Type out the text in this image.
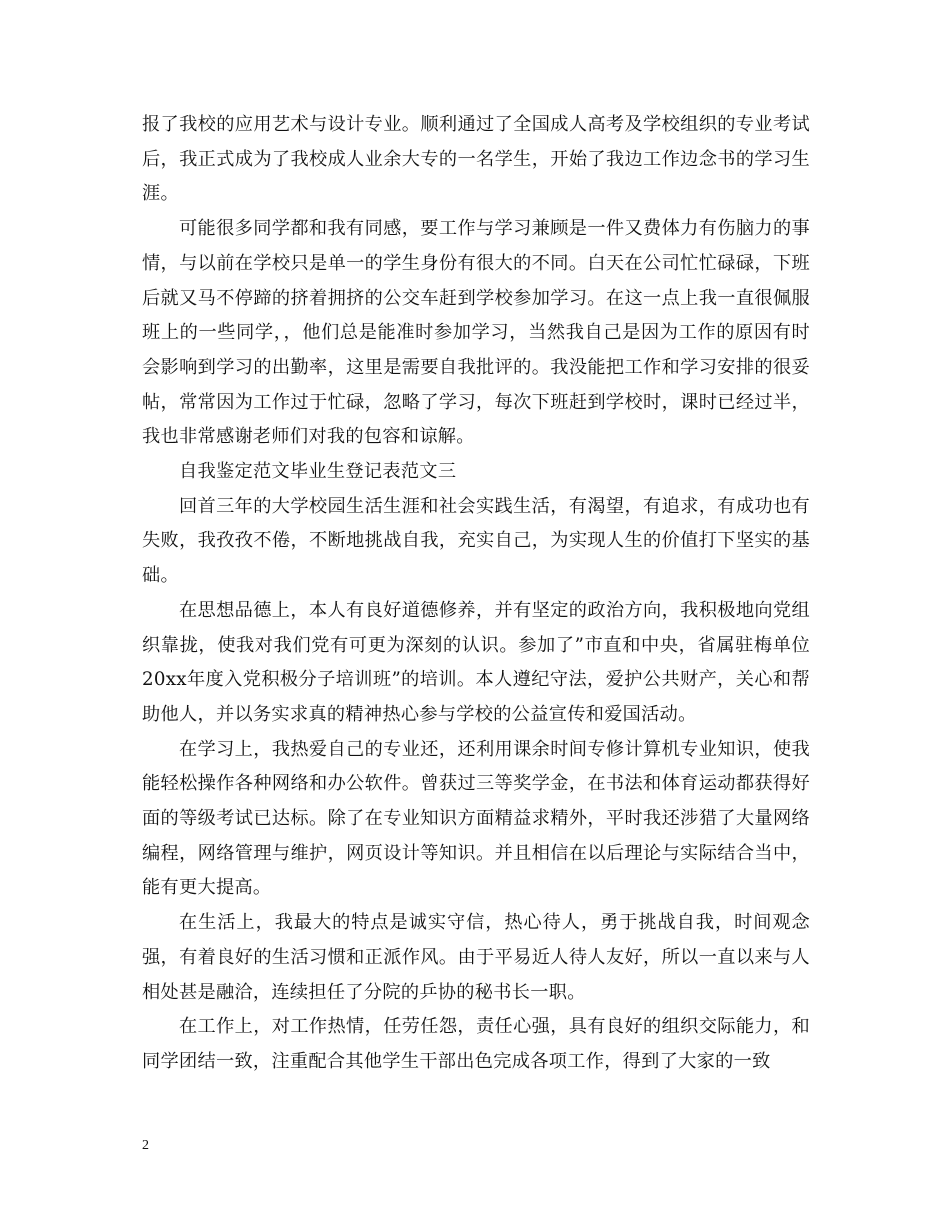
报了我校的应用艺术与设计专业。顺利通过了全国成人高考及学校组织的专业考试后，我正式成为了我校成人业余大专的一名学生，开始了我边工作边念书的学习生涯。

可能很多同学都和我有同感，要工作与学习兼顾是一件又费体力有伤脑力的事情，与以前在学校只是单一的学生身份有很大的不同。白天在公司忙忙碌碌，下班后就又马不停蹄的挤着拥挤的公交车赶到学校参加学习。在这一点上我一直很佩服班上的一些同学，，他们总是能准时参加学习，当然我自己是因为工作的原因有时会影响到学习的出勤率，这里是需要自我批评的。我没能把工作和学习安排的很妥帖，常常因为工作过于忙碌，忽略了学习，每次下班赶到学校时，课时已经过半，我也非常感谢老师们对我的包容和谅解。

自我鉴定范文毕业生登记表范文三

回首三年的大学校园生活生涯和社会实践生活，有渴望，有追求，有成功也有失败，我孜孜不倦，不断地挑战自我，充实自己，为实现人生的价值打下坚实的基础。

在思想品德上，本人有良好道德修养，并有坚定的政治方向，我积极地向党组织靠拢，使我对我们党有可更为深刻的认识。参加了”市直和中央，省属驻梅单位20xx年度入党积极分子培训班”的培训。本人遵纪守法，爱护公共财产，关心和帮助他人，并以务实求真的精神热心参与学校的公益宣传和爱国活动。

在学习上，我热爱自己的专业还，还利用课余时间专修计算机专业知识，使我能轻松操作各种网络和办公软件。曾获过三等奖学金，在书法和体育运动都获得好 面的等级考试已达标。除了在专业知识方面精益求精外，平时我还涉猎了大量网络编程，网络管理与维护，网页设计等知识。并且相信在以后理论与实际结合当中，能有更大提高。

在生活上，我最大的特点是诚实守信，热心待人，勇于挑战自我，时间观念强，有着良好的生活习惯和正派作风。由于平易近人待人友好，所以一直以来与人相处甚是融洽，连续担任了分院的乒协的秘书长一职。

在工作上，对工作热情，任劳任怨，责任心强，具有良好的组织交际能力，和同学团结一致，注重配合其他学生干部出色完成各项工作，得到了大家的一致

2
